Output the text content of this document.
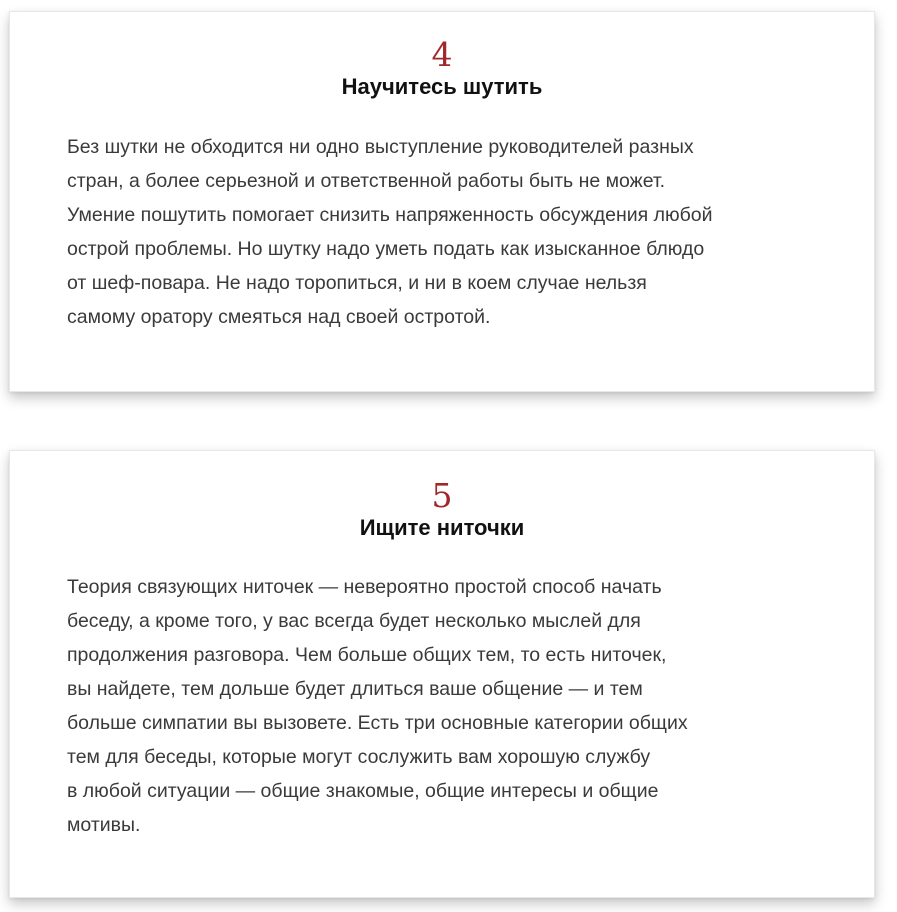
4

Научитесь шутить

Без шутки не обходится ни одно выступление руководителей разных
стран, а более серьезной и ответственной работы быть не может.
Умение пошутить помогает снизить напряженность обсуждения любой
острой проблемы. Но шутку надо уметь подать как изысканное блюдо
от шеф-повара. Не надо торопиться, и ни в коем случае нельзя
самому оратору смеяться над своей остротой.

5

Ищите ниточки

Теория связующих ниточек — невероятно простой способ начать
беседу, а кроме того, у вас всегда будет несколько мыслей для
продолжения разговора. Чем больше общих тем, то есть ниточек,
вы найдете, тем дольше будет длиться ваше общение — и тем
больше симпатии вы вызовете. Есть три основные категории общих
тем для беседы, которые могут сослужить вам хорошую службу
в любой ситуации — общие знакомые, общие интересы и общие
мотивы.
